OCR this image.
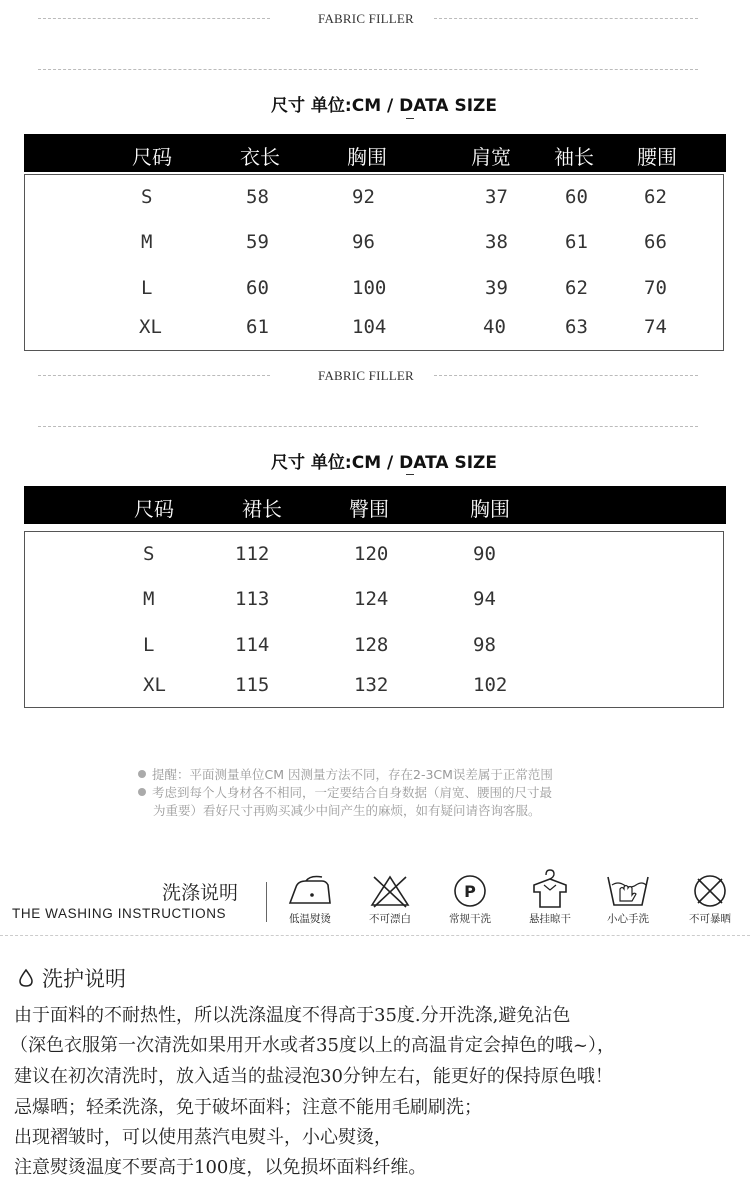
FABRIC FILLER
尺寸 单位:CM / DATA SIZE
尺码	衣长	胸围	肩宽 袖长 腰围
S	58	92	37	60	62
M	59	96	38	61	66
L	60	100	39	62	70
XL	61	104	40	63	74
FABRIC FILLER
尺寸 单位:CM / DATA SIZE
尺码	裙长	臀围	胸围
S	112	120	90
M	113	124	94
L	114	128	98
XL	115	132	102
提醒：平面测量单位CM 因测量方法不同，存在2-3CM误差属于正常范围
考虑到每个人身材各不相同，一定要结合自身数据（肩宽、腰围的尺寸最
为重要）看好尺寸再购买减少中间产生的麻烦，如有疑问请咨询客服。
洗涤说明
THE WASHING INSTRUCTIONS	低温熨烫	不可漂白
P
常规干洗	悬挂晾干	小心手洗	不可暴晒
洗护说明
由于面料的不耐热性，所以洗涤温度不得高于35度.分开洗涤,避免沾色
（深色衣服第一次清洗如果用开水或者35度以上的高温肯定会掉色的哦~），
建议在初次清洗时，放入适当的盐浸泡30分钟左右，能更好的保持原色哦！
忌爆晒；轻柔洗涤，免于破坏面料；注意不能用毛刷刷洗；
出现褶皱时，可以使用蒸汽电熨斗，小心熨烫，
注意熨烫温度不要高于100度，以免损坏面料纤维。
